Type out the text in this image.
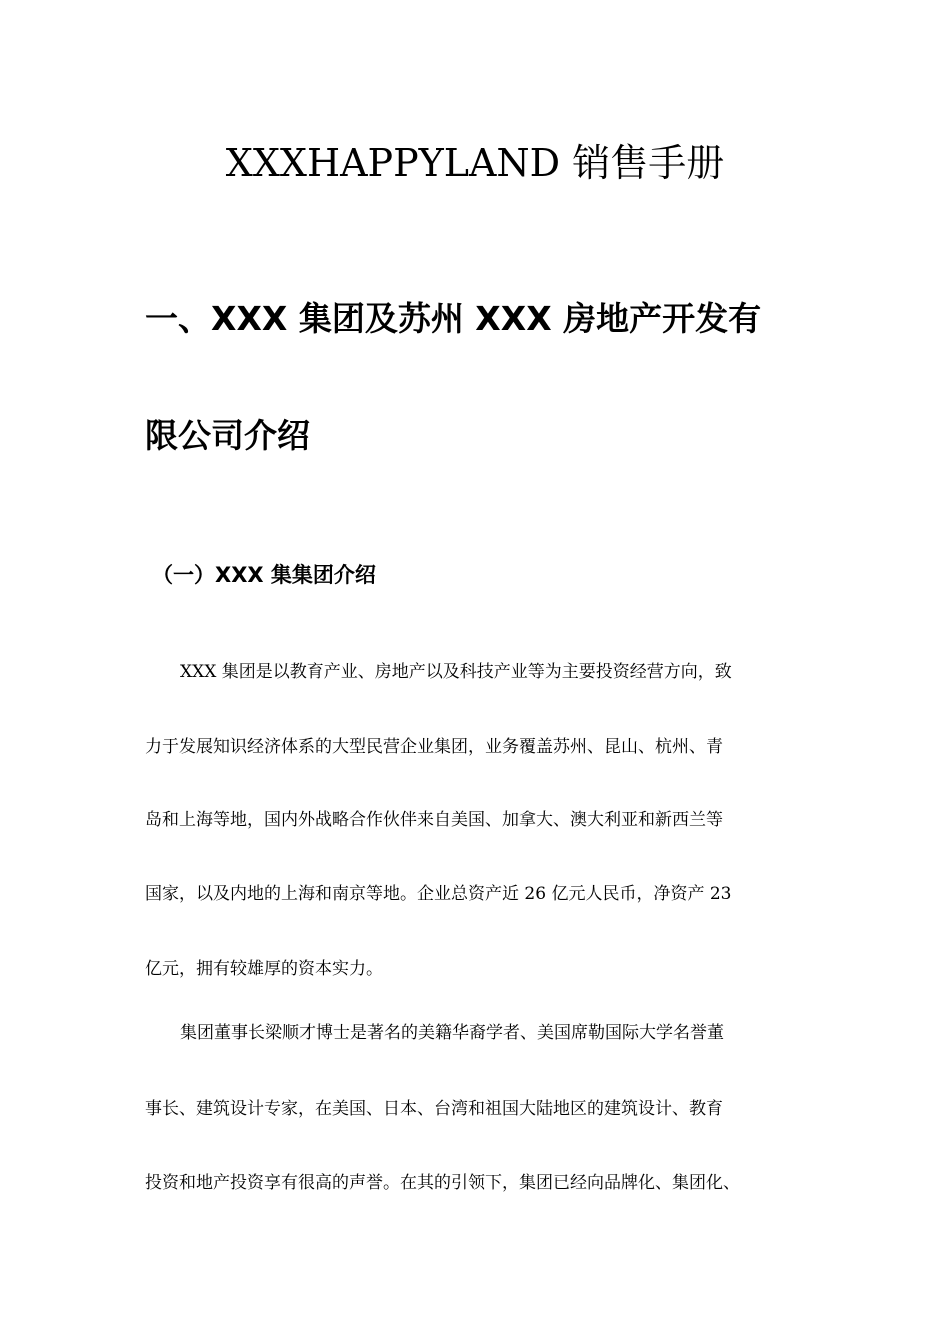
XXXHAPPYLAND 销售手册
一、XXX 集团及苏州 XXX 房地产开发有
限公司介绍
（一）XXX 集集团介绍
XXX 集团是以教育产业、房地产以及科技产业等为主要投资经营方向，致
力于发展知识经济体系的大型民营企业集团，业务覆盖苏州、昆山、杭州、青
岛和上海等地，国内外战略合作伙伴来自美国、加拿大、澳大利亚和新西兰等
国家，以及内地的上海和南京等地。企业总资产近 26 亿元人民币，净资产 23
亿元，拥有较雄厚的资本实力。
集团董事长梁顺才博士是著名的美籍华裔学者、美国席勒国际大学名誉董
事长、建筑设计专家，在美国、日本、台湾和祖国大陆地区的建筑设计、教育
投资和地产投资享有很高的声誉。在其的引领下，集团已经向品牌化、集团化、
